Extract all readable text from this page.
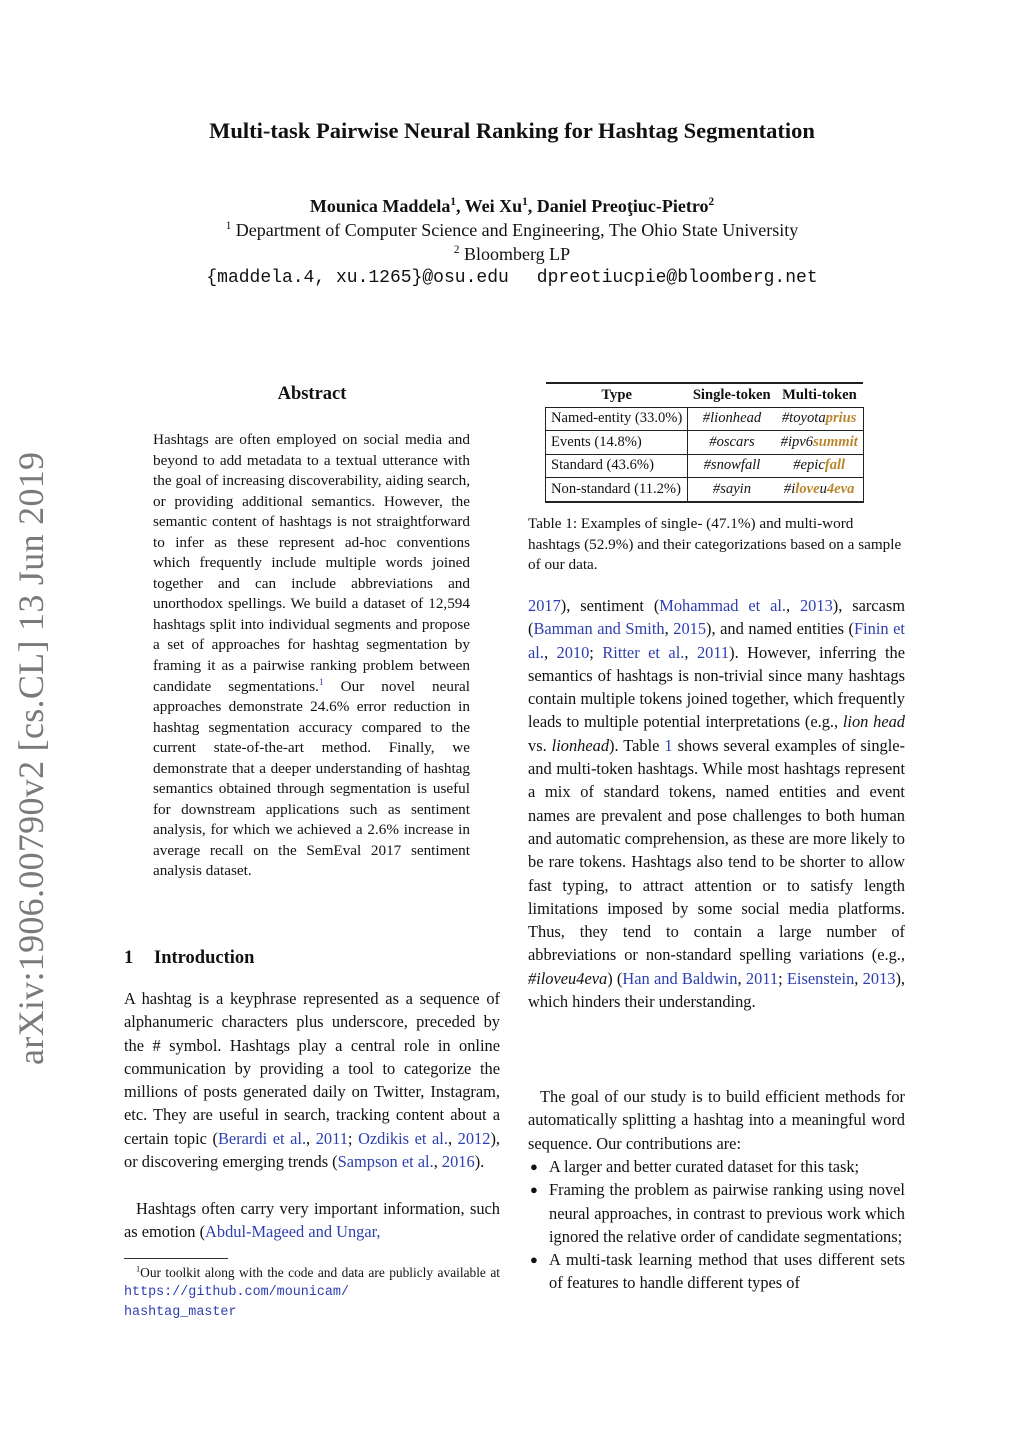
arXiv:1906.00790v2 [cs.CL] 13 Jun 2019
Multi-task Pairwise Neural Ranking for Hashtag Segmentation
Mounica Maddela$^1$, Wei Xu$^1$, Daniel Preoţiuc-Pietro$^2$
$^1$ Department of Computer Science and Engineering, The Ohio State University
$^2$ Bloomberg LP
{maddela.4, xu.1265}@osu.edu dpreotiucpie@bloomberg.net
Abstract
Hashtags are often employed on social media and beyond to add metadata to a textual utterance with the goal of increasing discoverability, aiding search, or providing additional semantics. However, the semantic content of hashtags is not straightforward to infer as these represent ad-hoc conventions which frequently include multiple words joined together and can include abbreviations and unorthodox spellings. We build a dataset of 12,594 hashtags split into individual segments and propose a set of approaches for hashtag segmentation by framing it as a pairwise ranking problem between candidate segmentations.$^1$ Our novel neural approaches demonstrate 24.6% error reduction in hashtag segmentation accuracy compared to the current state-of-the-art method. Finally, we demonstrate that a deeper understanding of hashtag semantics obtained through segmentation is useful for downstream applications such as sentiment analysis, for which we achieved a 2.6% increase in average recall on the SemEval 2017 sentiment analysis dataset.
1 Introduction
A hashtag is a keyphrase represented as a sequence of alphanumeric characters plus underscore, preceded by the # symbol. Hashtags play a central role in online communication by providing a tool to categorize the millions of posts generated daily on Twitter, Instagram, etc. They are useful in search, tracking content about a certain topic (Berardi et al., 2011; Ozdikis et al., 2012), or discovering emerging trends (Sampson et al., 2016).
Hashtags often carry very important information, such as emotion (Abdul-Mageed and Ungar,
$^1$Our toolkit along with the code and data are publicly available at https://github.com/mounicam/
hashtag_master
Type	Single-token	Multi-token
Named-entity (33.0%)	#lionhead	#toyotaprius
Events (14.8%)	#oscars	#ipv6summit
Standard (43.6%)	#snowfall	#epicfall
Non-standard (11.2%)	#sayin	#iloveu4eva
Table 1: Examples of single- (47.1%) and multi-word hashtags (52.9%) and their categorizations based on a sample of our data.
2017), sentiment (Mohammad et al., 2013), sarcasm (Bamman and Smith, 2015), and named entities (Finin et al., 2010; Ritter et al., 2011). However, inferring the semantics of hashtags is non-trivial since many hashtags contain multiple tokens joined together, which frequently leads to multiple potential interpretations (e.g., lion head vs. lionhead). Table 1 shows several examples of single- and multi-token hashtags. While most hashtags represent a mix of standard tokens, named entities and event names are prevalent and pose challenges to both human and automatic comprehension, as these are more likely to be rare tokens. Hashtags also tend to be shorter to allow fast typing, to attract attention or to satisfy length limitations imposed by some social media platforms. Thus, they tend to contain a large number of abbreviations or non-standard spelling variations (e.g., #iloveu4eva) (Han and Baldwin, 2011; Eisenstein, 2013), which hinders their understanding.
The goal of our study is to build efficient methods for automatically splitting a hashtag into a meaningful word sequence. Our contributions are:
● A larger and better curated dataset for this task;
● Framing the problem as pairwise ranking using novel neural approaches, in contrast to previous work which ignored the relative order of candidate segmentations;
● A multi-task learning method that uses different sets of features to handle different types of
